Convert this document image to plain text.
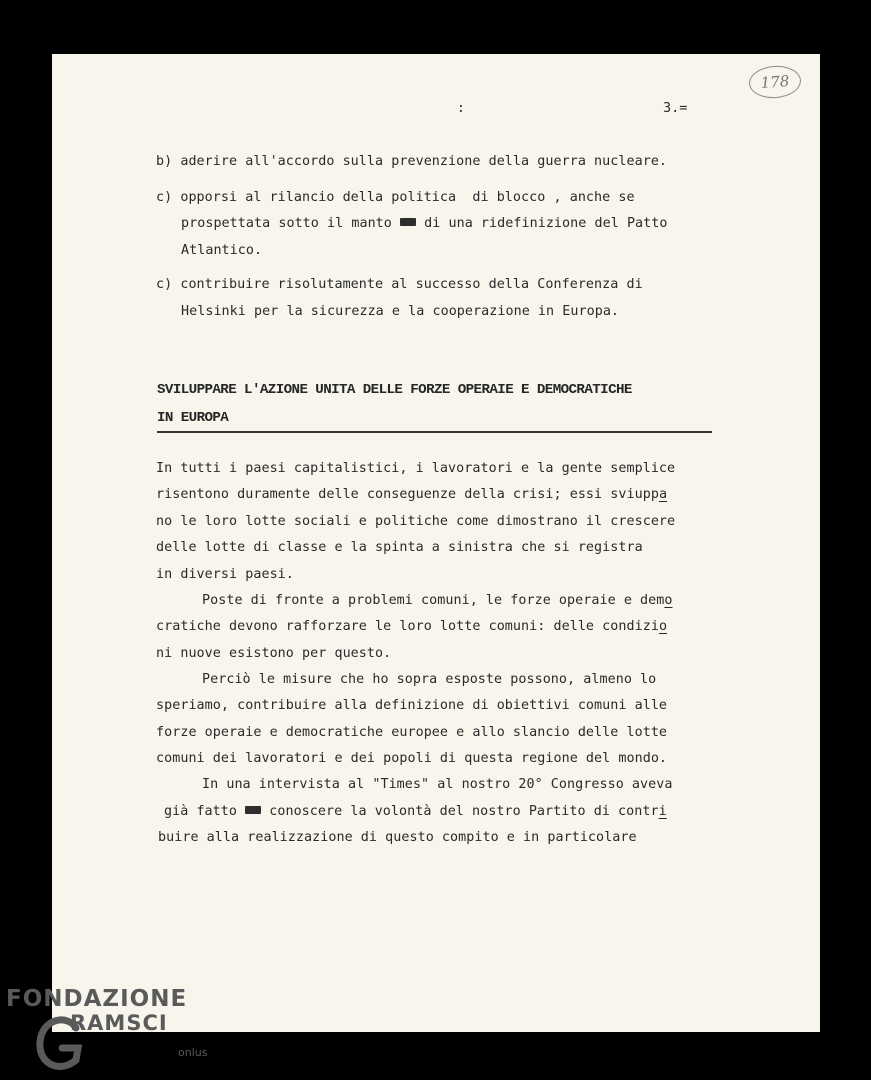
178
:	3.=
b) aderire all'accordo sulla prevenzione della guerra nucleare.
c) opporsi al rilancio della politica  di blocco , anche se
prospettata sotto il manto  di una ridefinizione del Patto
Atlantico.
c) contribuire risolutamente al successo della Conferenza di
Helsinki per la sicurezza e la cooperazione in Europa.
SVILUPPARE L'AZIONE UNITA DELLE FORZE OPERAIE E DEMOCRATICHE
IN EUROPA
In tutti i paesi capitalistici, i lavoratori e la gente semplice
risentono duramente delle conseguenze della crisi; essi sviuppa
no le loro lotte sociali e politiche come dimostrano il crescere
delle lotte di classe e la spinta a sinistra che si registra
in diversi paesi.
Poste di fronte a problemi comuni, le forze operaie e demo
cratiche devono rafforzare le loro lotte comuni: delle condizio
ni nuove esistono per questo.
Perciò le misure che ho sopra esposte possono, almeno lo
speriamo, contribuire alla definizione di obiettivi comuni alle
forze operaie e democratiche europee e allo slancio delle lotte
comuni dei lavoratori e dei popoli di questa regione del mondo.
In una intervista al "Times" al nostro 20° Congresso aveva
già fatto  conoscere la volontà del nostro Partito di contri
buire alla realizzazione di questo compito e in particolare
FONDAZIONE
RAMSCI
onlus
